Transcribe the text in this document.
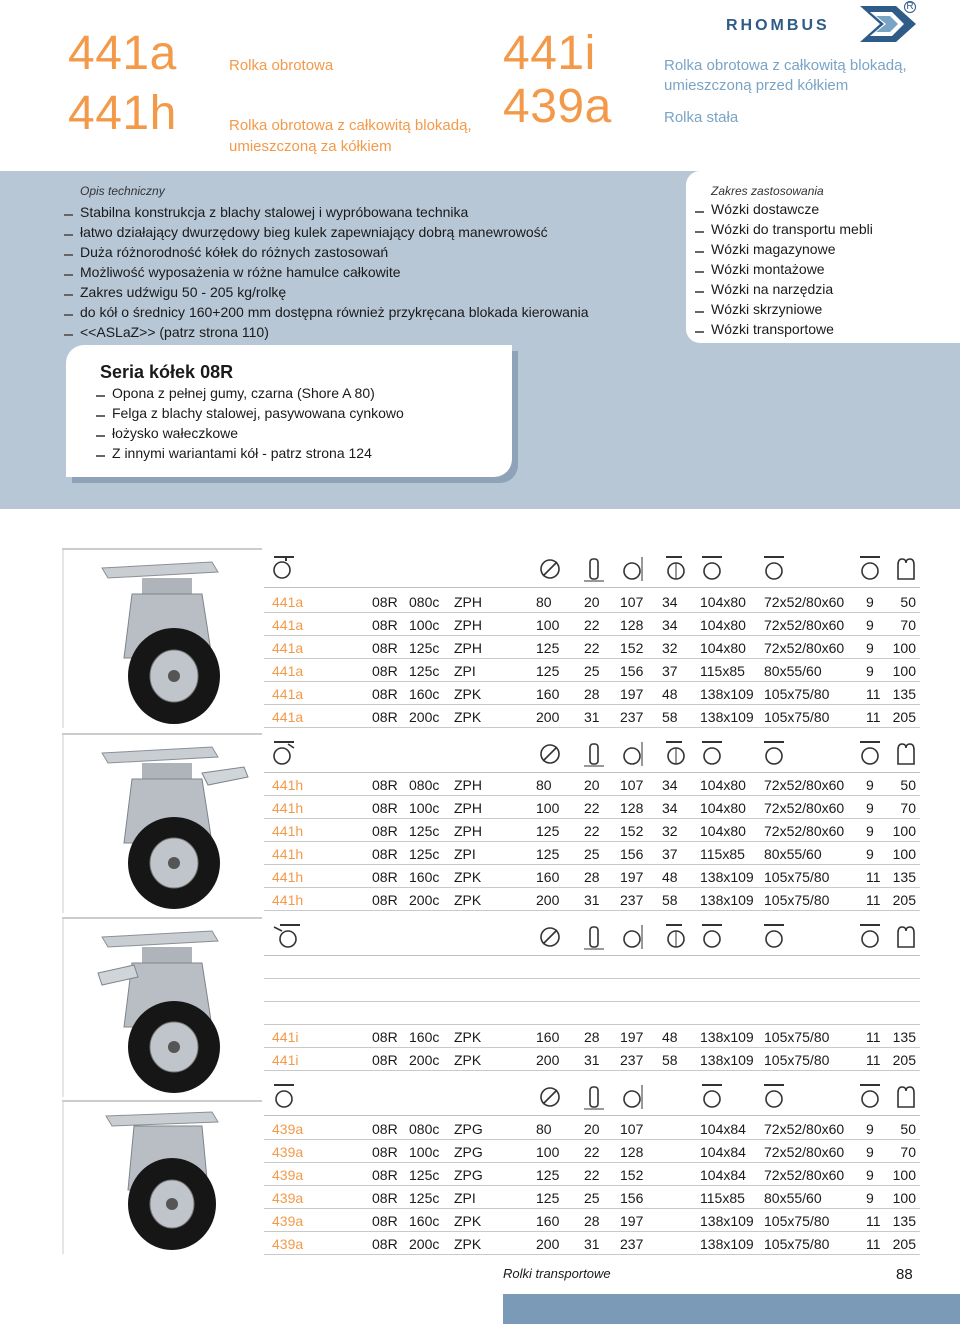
441a
441h
Rolka obrotowa
Rolka obrotowa z całkowitą blokadą,
umieszczoną za kółkiem
441i
439a
Rolka obrotowa z całkowitą blokadą,
umieszczoną przed kółkiem
Rolka stała
RHOMBUS
R
Opis techniczny
Stabilna konstrukcja z blachy stalowej i wypróbowana technika
łatwo działający dwurzędowy bieg kulek zapewniający dobrą manewrowość
Duża różnorodność kółek do różnych zastosowań
Możliwość wyposażenia w różne hamulce całkowite
Zakres udźwigu 50 - 205 kg/rolkę
do kół o średnicy 160+200 mm dostępna również przykręcana blokada kierowania
<<ASLaZ>> (patrz strona 110)
Zakres zastosowania
Wózki dostawcze
Wózki do transportu mebli
Wózki magazynowe
Wózki montażowe
Wózki na narzędzia
Wózki skrzyniowe
Wózki transportowe
Seria kółek 08R
Opona z pełnej gumy, czarna (Shore A 80)
Felga z blachy stalowej, pasywowana cynkowo
łożysko wałeczkowe
Z innymi wariantami kół - patrz strona 124
441a	08R 080c ZPH	80 20 107 34 104x80 72x52/80x60 9	50
441a	08R 100c ZPH	100 22 128 34 104x80 72x52/80x60 9	70
441a	08R 125c ZPH	125 22 152 32 104x80 72x52/80x60 9	100
441a	08R 125c ZPI	125 25 156 37 115x85 80x55/60	9	100
441a	08R 160c ZPK	160 28 197 48 138x109 105x75/80	11 135
441a	08R 200c ZPK	200 31 237 58 138x109 105x75/80	11 205
441h	08R 080c ZPH	80 20 107 34 104x80 72x52/80x60 9	50
441h	08R 100c ZPH	100 22 128 34 104x80 72x52/80x60 9	70
441h	08R 125c ZPH	125 22 152 32 104x80 72x52/80x60 9	100
441h	08R 125c ZPI	125 25 156 37 115x85 80x55/60	9	100
441h	08R 160c ZPK	160 28 197 48 138x109 105x75/80	11 135
441h	08R 200c ZPK	200 31 237 58 138x109 105x75/80	11 205
441i	08R 160c ZPK	160 28 197 48 138x109 105x75/80	11 135
441i	08R 200c ZPK	200 31 237 58 138x109 105x75/80	11 205
439a	08R 080c ZPG	80 20 107	104x84 72x52/80x60 9	50
439a	08R 100c ZPG	100 22 128	104x84 72x52/80x60 9	70
439a	08R 125c ZPG	125 22 152	104x84 72x52/80x60 9	100
439a	08R 125c ZPI	125 25 156	115x85 80x55/60	9	100
439a	08R 160c ZPK	160 28 197	138x109 105x75/80	11 135
439a	08R 200c ZPK	200 31 237	138x109 105x75/80	11 205
Rolki transportowe	88
